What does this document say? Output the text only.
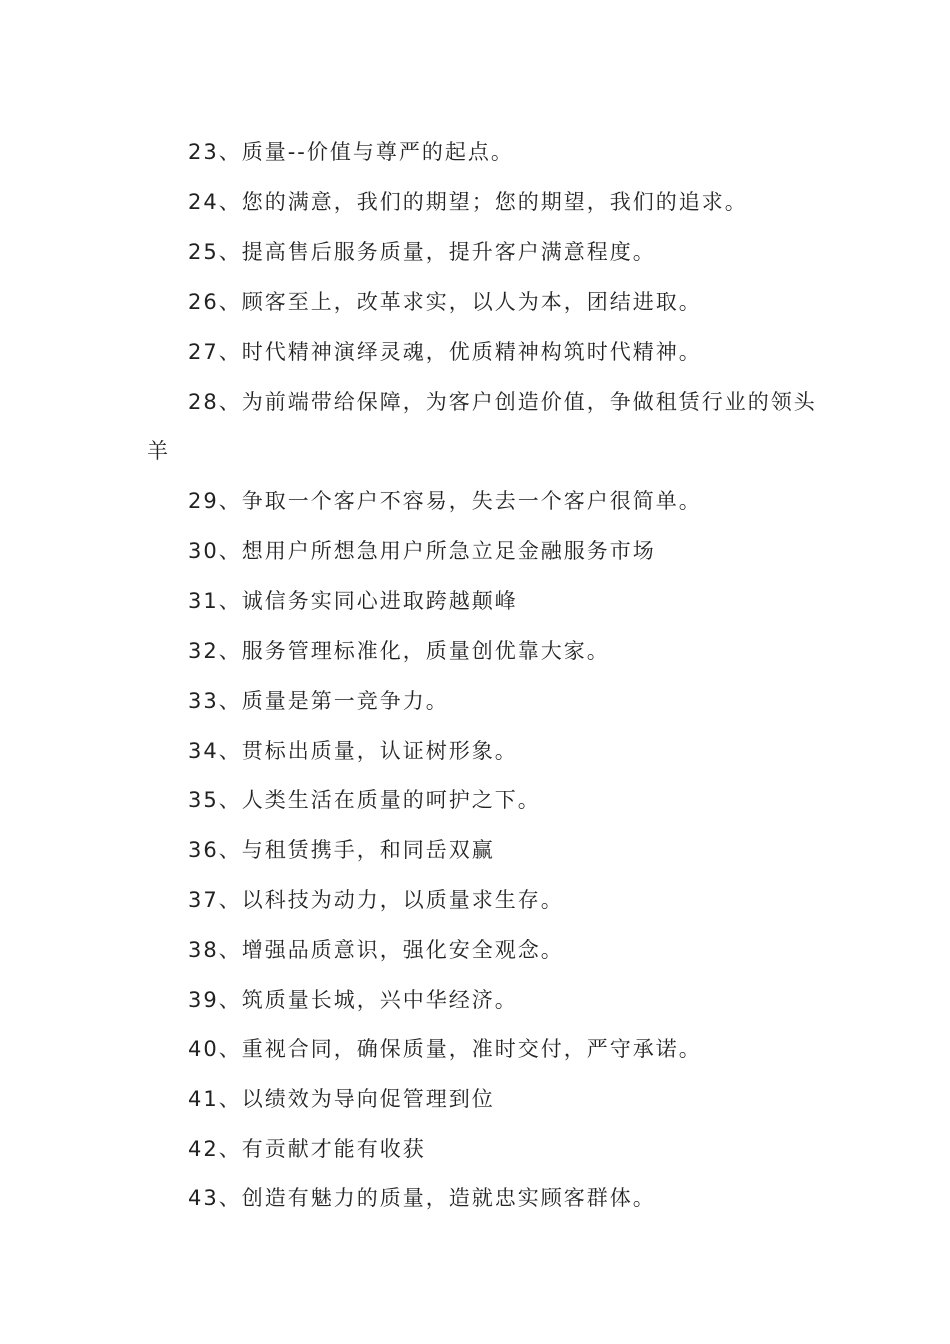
23、质量--价值与尊严的起点。
24、您的满意，我们的期望；您的期望，我们的追求。
25、提高售后服务质量，提升客户满意程度。
26、顾客至上，改革求实，以人为本，团结进取。
27、时代精神演绎灵魂，优质精神构筑时代精神。
28、为前端带给保障，为客户创造价值，争做租赁行业的领头
羊
29、争取一个客户不容易，失去一个客户很简单。
30、想用户所想急用户所急立足金融服务市场
31、诚信务实同心进取跨越颠峰
32、服务管理标准化，质量创优靠大家。
33、质量是第一竞争力。
34、贯标出质量，认证树形象。
35、人类生活在质量的呵护之下。
36、与租赁携手，和同岳双赢
37、以科技为动力，以质量求生存。
38、增强品质意识，强化安全观念。
39、筑质量长城，兴中华经济。
40、重视合同，确保质量，准时交付，严守承诺。
41、以绩效为导向促管理到位
42、有贡献才能有收获
43、创造有魅力的质量，造就忠实顾客群体。
